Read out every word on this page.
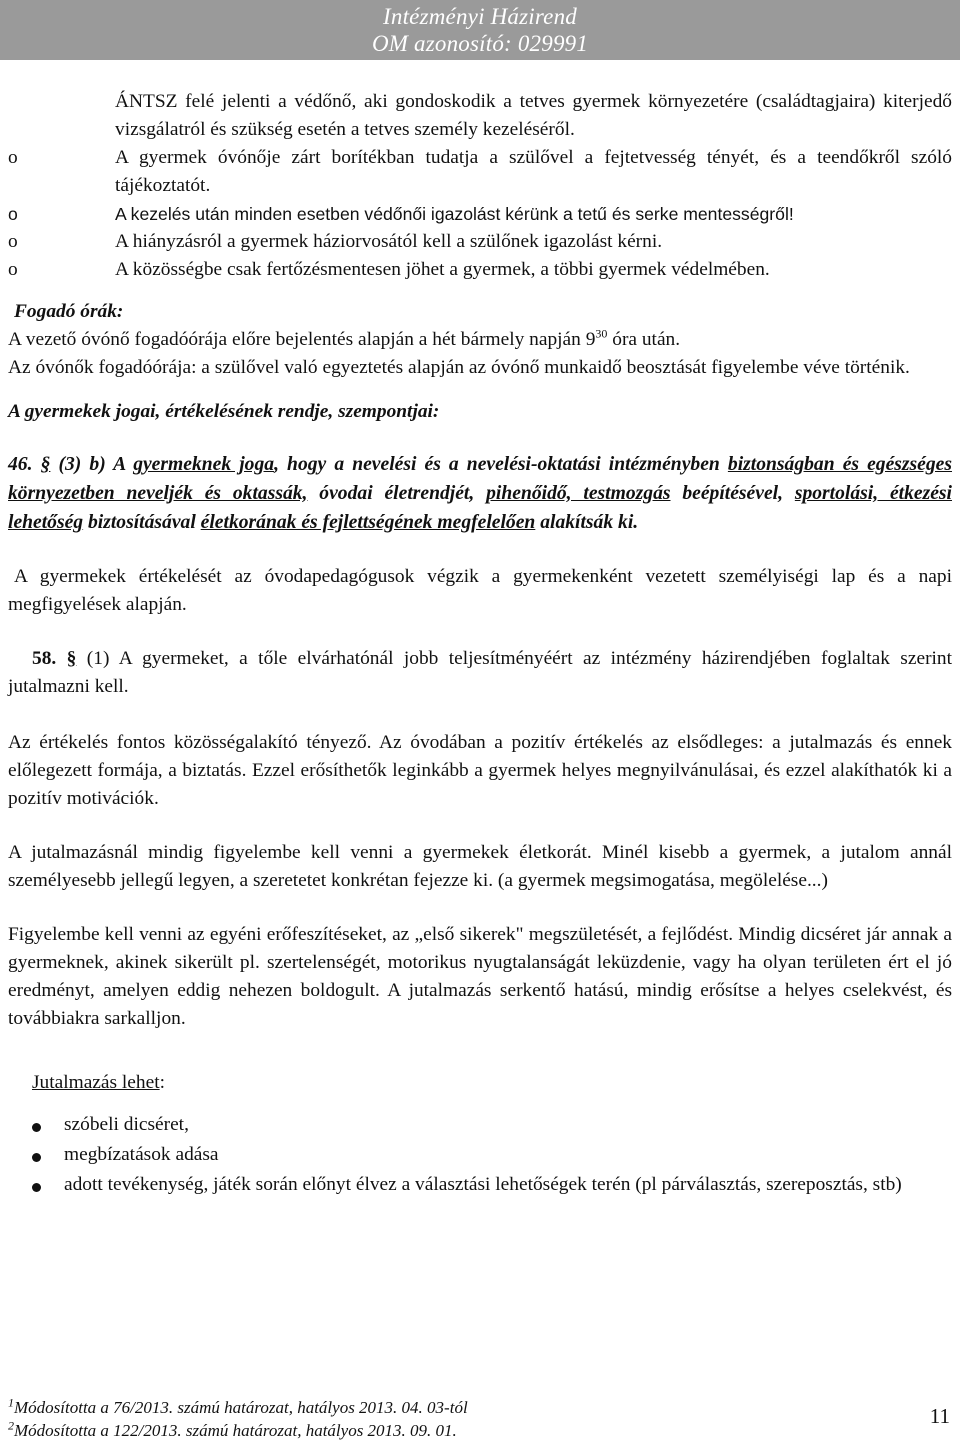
Intézményi Házirend
OM azonosító: 029991
ÁNTSZ felé jelenti a védőnő, aki gondoskodik a tetves gyermek környezetére (családtagjaira) kiterjedő vizsgálatról és szükség esetén a tetves személy kezeléséről.
o	A gyermek óvónője zárt borítékban tudatja a szülővel a fejtetvesség tényét, és a teendőkről szóló tájékoztatót.
o	A kezelés után minden esetben védőnői igazolást kérünk a tetű és serke mentességről!
o	A hiányzásról a gyermek háziorvosától kell a szülőnek igazolást kérni.
o	A közösségbe csak fertőzésmentesen jöhet a gyermek, a többi gyermek védelmében.
Fogadó órák:
A vezető óvónő fogadóórája előre bejelentés alapján a hét bármely napján $9^{30}$ óra után.
Az óvónők fogadóórája: a szülővel való egyeztetés alapján az óvónő munkaidő beosztását figyelembe véve történik.
A gyermekek jogai, értékelésének rendje, szempontjai:
46. § (3) b) A gyermeknek joga, hogy a nevelési és a nevelési-oktatási intézményben biztonságban és egészséges környezetben neveljék és oktassák, óvodai életrendjét, pihenőidő, testmozgás beépítésével, sportolási, étkezési lehetőség biztosításával életkorának és fejlettségének megfelelően alakítsák ki.
A gyermekek értékelését az óvodapedagógusok végzik a gyermekenként vezetett személyiségi lap és a napi megfigyelések alapján.
58. § (1) A gyermeket, a tőle elvárhatónál jobb teljesítményéért az intézmény házirendjében foglaltak szerint jutalmazni kell.
Az értékelés fontos közösségalakító tényező. Az óvodában a pozitív értékelés az elsődleges: a jutalmazás és ennek előlegezett formája, a biztatás. Ezzel erősíthetők leginkább a gyermek helyes megnyilvánulásai, és ezzel alakíthatók ki a pozitív motivációk.
A jutalmazásnál mindig figyelembe kell venni a gyermekek életkorát. Minél kisebb a gyermek, a jutalom annál személyesebb jellegű legyen, a szeretetet konkrétan fejezze ki. (a gyermek megsimogatása, megölelése...)
Figyelembe kell venni az egyéni erőfeszítéseket, az „első sikerek" megszületését, a fejlődést. Mindig dicséret jár annak a gyermeknek, akinek sikerült pl. szertelenségét, motorikus nyugtalanságát leküzdenie, vagy ha olyan területen ért el jó eredményt, amelyen eddig nehezen boldogult. A jutalmazás serkentő hatású, mindig erősítse a helyes cselekvést, és továbbiakra sarkalljon.
Jutalmazás lehet:
szóbeli dicséret,
megbízatások adása
adott tevékenység, játék során előnyt élvez a választási lehetőségek terén (pl párválasztás, szereposztás, stb)
$^1$Módosította a 76/2013. számú határozat, hatályos 2013. 04. 03-tól
$^2$Módosította a 122/2013. számú határozat, hatályos 2013. 09. 01.
11
